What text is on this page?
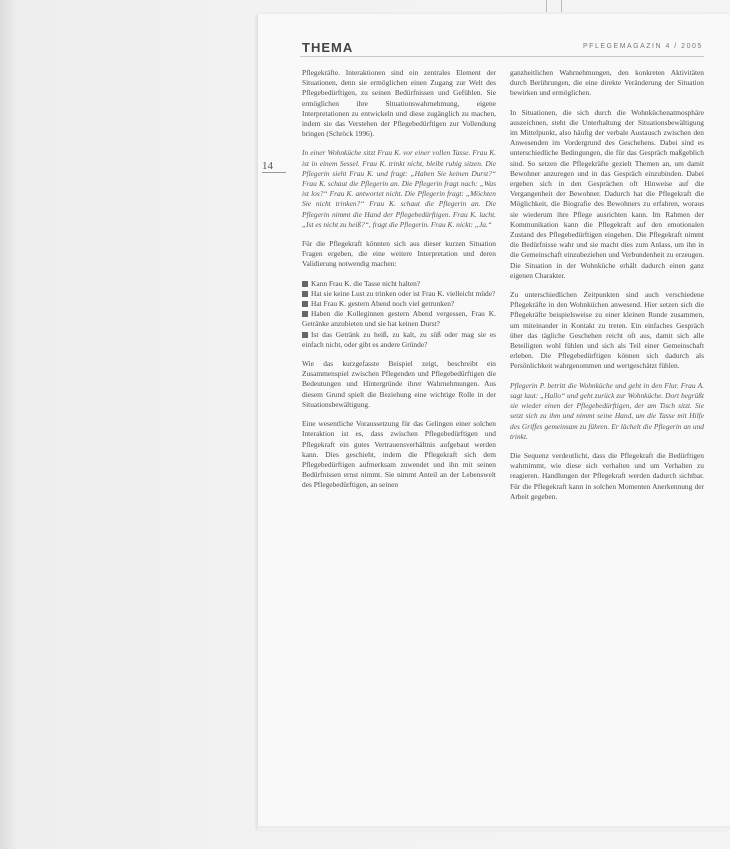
THEMA	PFLEGEMAGAZIN 4 / 2005
14

Pflegekräfte. Interaktionen sind ein zentrales Element der Situationen, denn sie ermöglichen einen Zugang zur Welt des Pflegebedürftigen, zu seinen Bedürfnissen und Gefühlen. Sie ermöglichen ihre Situationswahrnehmung, eigene Interpretationen zu entwickeln und diese zugänglich zu machen, indem sie das Verstehen der Pflegebedürftigen zur Vollendung bringen (Schröck 1996).

In einer Wohnküche sitzt Frau K. vor einer vollen Tasse. Frau K. ist in einem Sessel. Frau K. trinkt nicht, bleibt ruhig sitzen. Die Pflegerin sieht Frau K. und fragt: „Haben Sie keinen Durst?“ Frau K. schaut die Pflegerin an. Die Pflegerin fragt nach: „Was ist los?“ Frau K. antwortet nicht. Die Pflegerin fragt: „Möchten Sie nicht trinken?“ Frau K. schaut die Pflegerin an. Die Pflegerin nimmt die Hand der Pflegebedürftigen. Frau K. lacht. „Ist es nicht zu heiß?“, fragt die Pflegerin. Frau K. nickt: „Ja.“

Für die Pflegekraft könnten sich aus dieser kurzen Situation Fragen ergeben, die eine weitere Interpretation und deren Validierung notwendig machen:

Kann Frau K. die Tasse nicht halten?
Hat sie keine Lust zu trinken oder ist Frau K. vielleicht müde?
Hat Frau K. gestern Abend noch viel getrunken?
Haben die Kolleginnen gestern Abend vergessen, Frau K. Getränke anzubieten und sie hat keinen Durst?
Ist das Getränk zu heiß, zu kalt, zu süß oder mag sie es einfach nicht, oder gibt es andere Gründe?

Wie das kurzgefasste Beispiel zeigt, beschreibt ein Zusammenspiel zwischen Pflegenden und Pflegebedürftigen die Bedeutungen und Hintergründe ihrer Wahrnehmungen. Aus diesem Grund spielt die Beziehung eine wichtige Rolle in der Situationsbewältigung.

Eine wesentliche Voraussetzung für das Gelingen einer solchen Interaktion ist es, dass zwischen Pflegebedürftigen und Pflegekraft ein gutes Vertrauensverhältnis aufgebaut werden kann. Dies geschieht, indem die Pflegekraft sich dem Pflegebedürftigen aufmerksam zuwendet und ihn mit seinen Bedürfnissen ernst nimmt. Sie nimmt Anteil an der Lebenswelt des Pflegebedürftigen, an seinen

ganzheitlichen Wahrnehmungen, den konkreten Aktivitäten durch Berührungen, die eine direkte Veränderung der Situation bewirken und ermöglichen.

In Situationen, die sich durch die Wohnküchenatmosphäre auszeichnen, steht die Unterhaltung der Situationsbewältigung im Mittelpunkt, also häufig der verbale Austausch zwischen den Anwesenden im Vordergrund des Geschehens. Dabei sind es unterschiedliche Bedingungen, die für das Gespräch maßgeblich sind. So setzen die Pflegekräfte gezielt Themen an, um damit Bewohner anzuregen und in das Gespräch einzubinden. Dabei ergeben sich in den Gesprächen oft Hinweise auf die Vergangenheit der Bewohner. Dadurch hat die Pflegekraft die Möglichkeit, die Biografie des Bewohners zu erfahren, woraus sie wiederum ihre Pflege ausrichten kann. Im Rahmen der Kommunikation kann die Pflegekraft auf den emotionalen Zustand des Pflegebedürftigen eingehen. Die Pflegekraft nimmt die Bedürfnisse wahr und sie macht dies zum Anlass, um ihn in die Gemeinschaft einzubeziehen und Verbundenheit zu erzeugen. Die Situation in der Wohnküche erhält dadurch einen ganz eigenen Charakter.

Zu unterschiedlichen Zeitpunkten sind auch verschiedene Pflegekräfte in den Wohnküchen anwesend. Hier setzen sich die Pflegekräfte beispielsweise zu einer kleinen Runde zusammen, um miteinander in Kontakt zu treten. Ein einfaches Gespräch über das tägliche Geschehen reicht oft aus, damit sich alle Beteiligten wohl fühlen und sich als Teil einer Gemeinschaft erleben. Die Pflegebedürftigen können sich dadurch als Persönlichkeit wahrgenommen und wertgeschätzt fühlen.

Pflegerin P. betritt die Wohnküche und geht in den Flur. Frau A. sagt laut: „Hallo“ und geht zurück zur Wohnküche. Dort begrüßt sie wieder einen der Pflegebedürftigen, der am Tisch sitzt. Sie setzt sich zu ihm und nimmt seine Hand, um die Tasse mit Hilfe des Griffes gemeinsam zu führen. Er lächelt die Pflegerin an und trinkt.

Die Sequenz verdeutlicht, dass die Pflegekraft die Bedürftigen wahrnimmt, wie diese sich verhalten und um Verhalten zu reagieren. Handlungen der Pflegekraft werden dadurch sichtbar. Für die Pflegekraft kann in solchen Momenten Anerkennung der Arbeit gegeben.
